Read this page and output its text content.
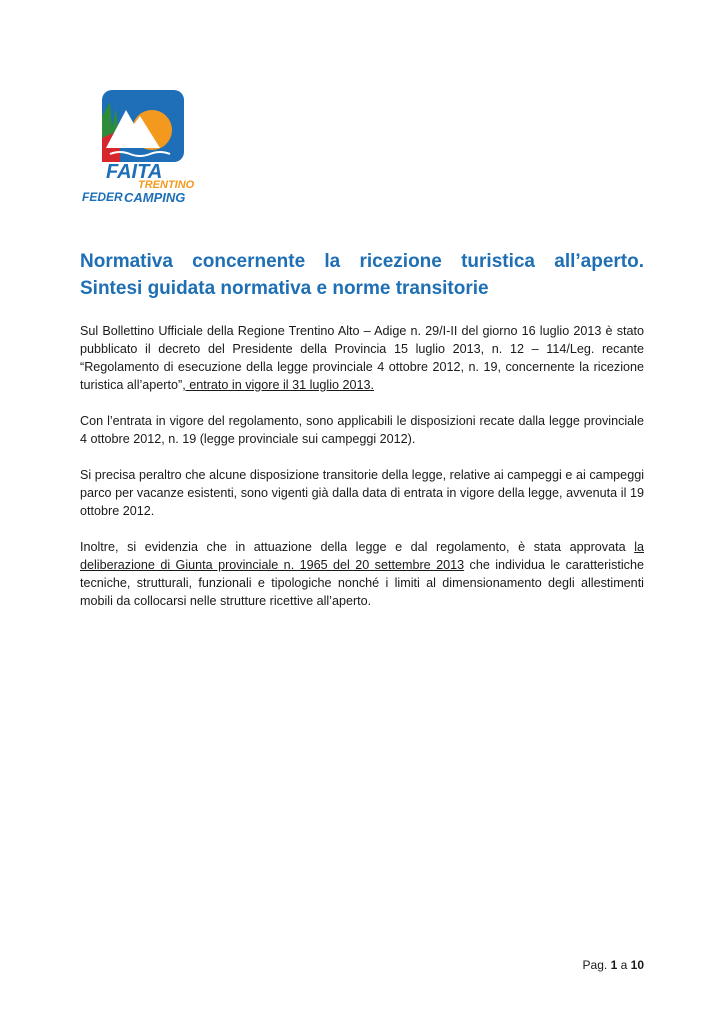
FAITA
TRENTINO
FEDER CAMPING
Normativa concernente la ricezione turistica all’aperto.
Sintesi guidata normativa e norme transitorie

Sul Bollettino Ufficiale della Regione Trentino Alto – Adige n. 29/I-II del giorno 16 luglio 2013 è stato pubblicato il decreto del Presidente della Provincia 15 luglio 2013, n. 12 – 114/Leg. recante “Regolamento di esecuzione della legge provinciale 4 ottobre 2012, n. 19, concernente la ricezione turistica all’aperto”, entrato in vigore il 31 luglio 2013.

Con l’entrata in vigore del regolamento, sono applicabili le disposizioni recate dalla legge provinciale 4 ottobre 2012, n. 19 (legge provinciale sui campeggi 2012).

Si precisa peraltro che alcune disposizione transitorie della legge, relative ai campeggi e ai campeggi parco per vacanze esistenti, sono vigenti già dalla data di entrata in vigore della legge, avvenuta il 19 ottobre 2012.

Inoltre, si evidenzia che in attuazione della legge e dal regolamento, è stata approvata la deliberazione di Giunta provinciale n. 1965 del 20 settembre 2013 che individua le caratteristiche tecniche, strutturali, funzionali e tipologiche nonché i limiti al dimensionamento degli allestimenti mobili da collocarsi nelle strutture ricettive all’aperto.

Pag. 1 a 10
